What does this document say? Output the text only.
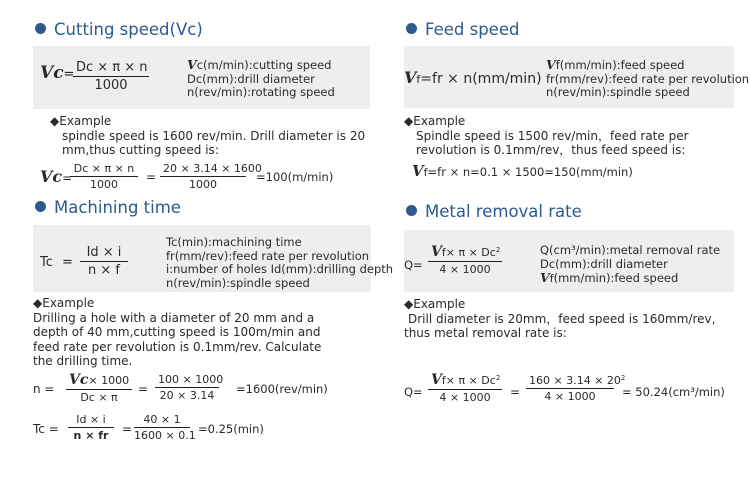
Cutting speed(Vc)
Vc=
$\frac{Dc \times \pi \times n}{1000}$	Vc(m/min):cutting speed
Dc(mm):drill diameter
n(rev/min):rotating speed
◆Example
spindle speed is 1600 rev/min. Drill diameter is 20
mm,thus cutting speed is:
Vc=
$\frac{Dc \times \pi \times n}{1000} = \frac{20 \times 3.14 \times 1600}{1000} =100(m/\min)$
Feed speed
Vf=fr × n(mm/min)
Vf(mm/min):feed speed
fr(mm/rev):feed rate per revolution
n(rev/min):spindle speed
◆Example
Spindle speed is 1500 rev/min，feed rate per
revolution is 0.1mm/rev，thus feed speed is:
Vf=fr × n=0.1 × 1500=150(mm/min)
Machining time
$Tc = \frac{Id \times i}{n \times f}$
Tc(min):machining time
fr(mm/rev):feed rate per revolution
i:number of holes Id(mm):drilling depth
n(rev/min):spindle speed
◆Example
Drilling a hole with a diameter of 20 mm and a
depth of 40 mm,cutting speed is 100m/min and
feed rate per revolution is 0.1mm/rev. Calculate
the drilling time.
$n = \frac{Vc\times 1000}{Dc \times \pi} = \frac{100 \times 1000}{20 \times 3.14} =1600(rev/\min)$
$Tc = \frac{Id \times i}{n \times fr} = \frac{40 \times 1}{1600 \times 0.1} =0.25(\min)$
Metal removal rate
$Q= \frac{Vf\times \pi \times Dc^2}{4 \times 1000}$	Q(cm³/min):metal removal rate
Dc(mm):drill diameter
Vf(mm/min):feed speed
◆Example
Drill diameter is 20mm，feed speed is 160mm/rev,
thus metal removal rate is:
$Q= \frac{Vf\times \pi \times Dc^2}{4 \times 1000} = \frac{160 \times 3.14 \times 20^2}{4 \times 1000} = 50.24(cm^3/\min)$
